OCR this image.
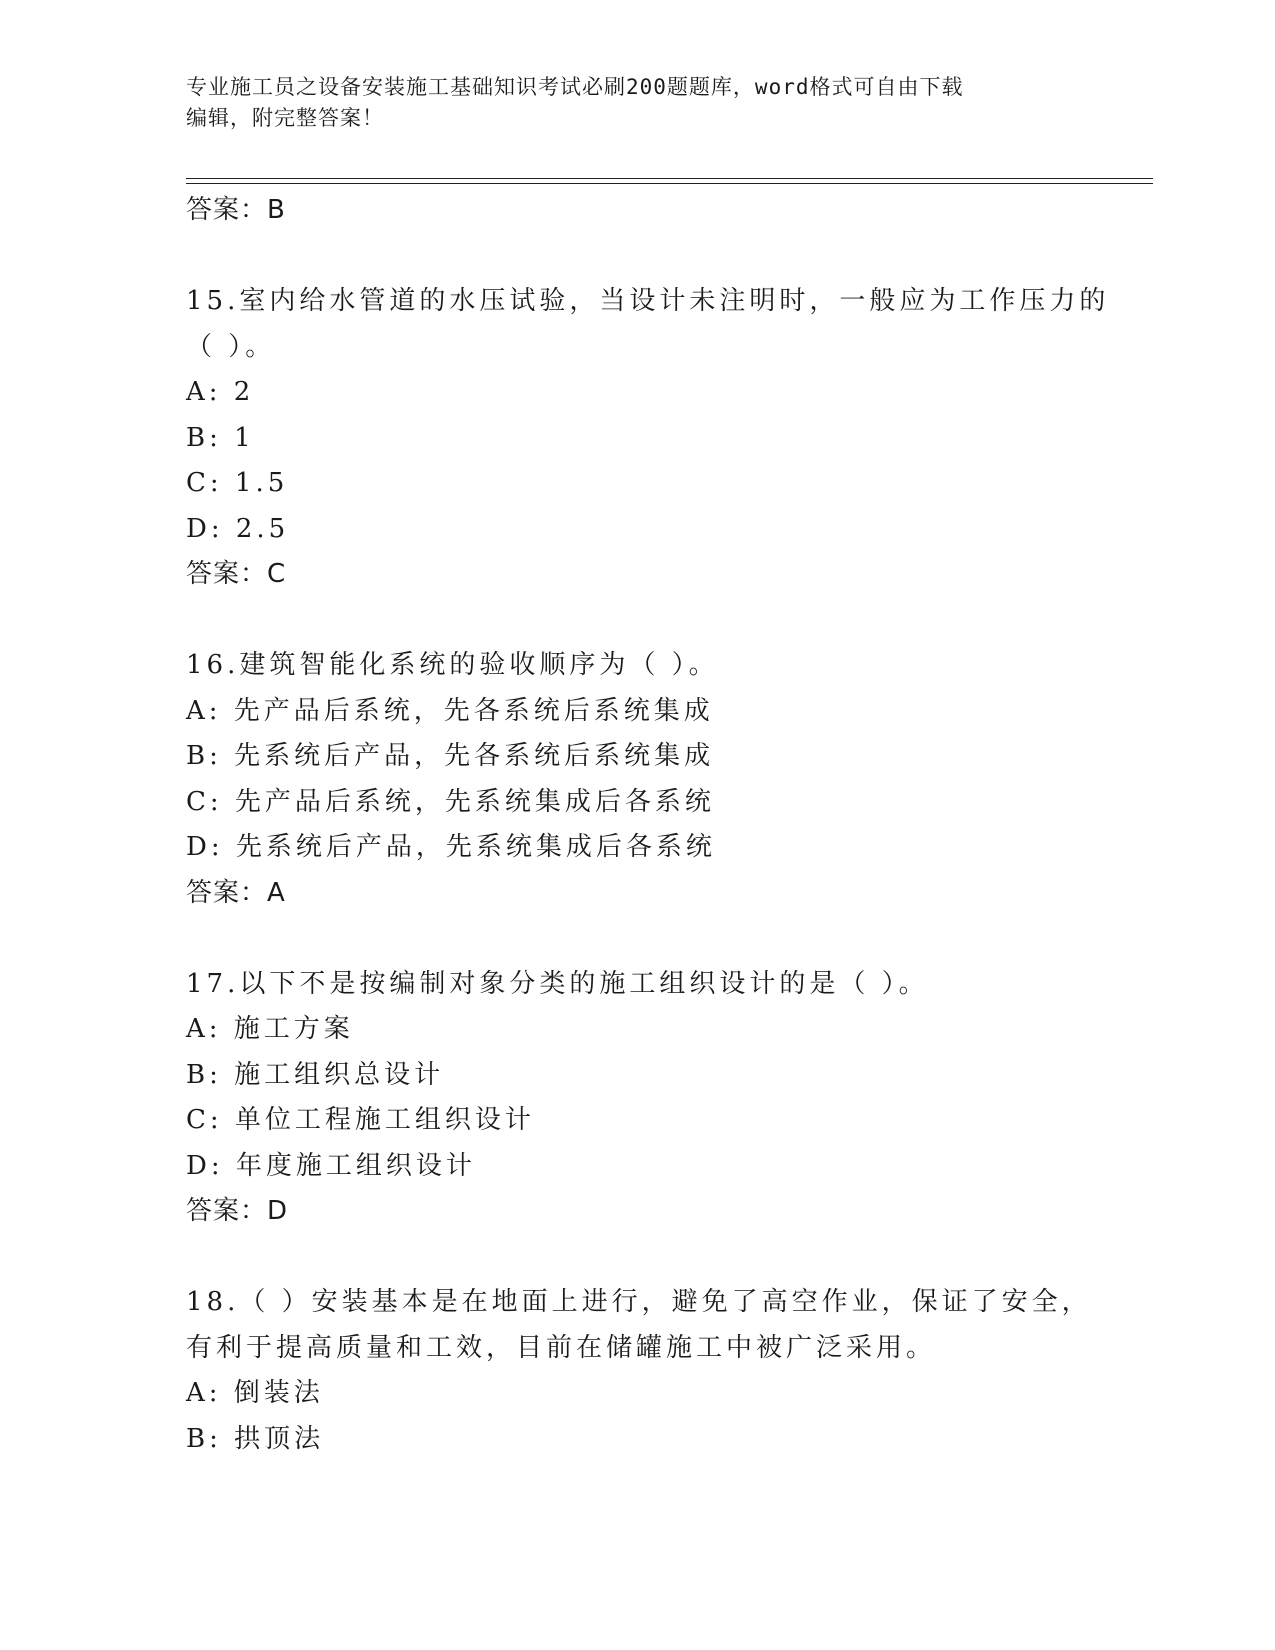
专业施工员之设备安装施工基础知识考试必刷200题题库，word格式可自由下载
编辑，附完整答案！
答案：B
15.室内给水管道的水压试验，当设计未注明时，一般应为工作压力的
（ ）。
A: 2
B: 1
C: 1.5
D: 2.5
答案：C
16.建筑智能化系统的验收顺序为（ ）。
A: 先产品后系统，先各系统后系统集成
B: 先系统后产品，先各系统后系统集成
C: 先产品后系统，先系统集成后各系统
D: 先系统后产品，先系统集成后各系统
答案：A
17.以下不是按编制对象分类的施工组织设计的是（ ）。
A: 施工方案
B: 施工组织总设计
C: 单位工程施工组织设计
D: 年度施工组织设计
答案：D
18.（ ）安装基本是在地面上进行，避免了高空作业，保证了安全，
有利于提高质量和工效，目前在储罐施工中被广泛采用。
A: 倒装法
B: 拱顶法
